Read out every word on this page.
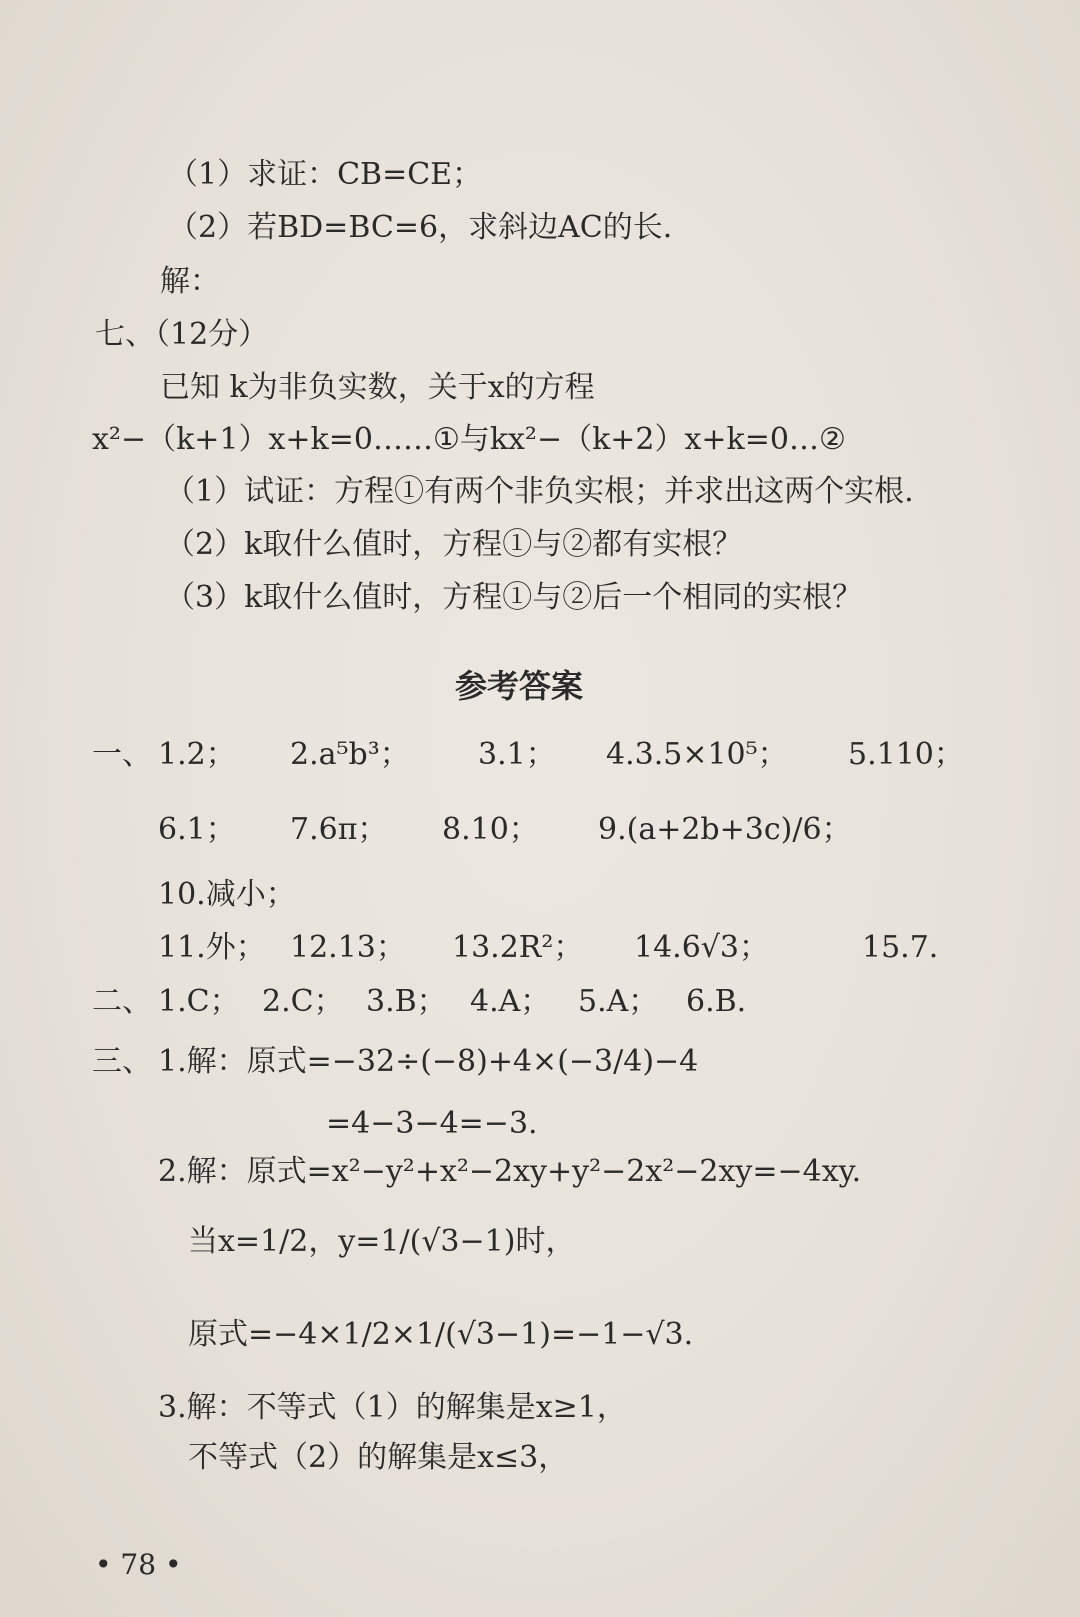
（1）求证：CB=CE；
（2）若BD=BC=6，求斜边AC的长.
解：
七、（12分）
已知 k为非负实数，关于x的方程
x²−（k+1）x+k=0……①与kx²−（k+2）x+k=0…②
（1）试证：方程①有两个非负实根；并求出这两个实根.
（2）k取什么值时，方程①与②都有实根？
（3）k取什么值时，方程①与②后一个相同的实根？
参考答案
一、 1.2； 2.a⁵b³； 3.1； 4.3.5×10⁵； 5.110；
6.1； 7.6π； 8.10； 9.(a+2b+3c)/6；
10.减小；
11.外； 12.13； 13.2R²； 14.6√3；	15.7.
二、 1.C； 2.C； 3.B； 4.A； 5.A； 6.B.
三、 1.解：原式=−32÷(−8)+4×(−3/4)−4
=4−3−4=−3.
2.解：原式=x²−y²+x²−2xy+y²−2x²−2xy=−4xy.
当x=1/2，y=1/(√3−1)时，
原式=−4×1/2×1/(√3−1)=−1−√3.
3.解：不等式（1）的解集是x≥1，
不等式（2）的解集是x≤3，
• 78 •
